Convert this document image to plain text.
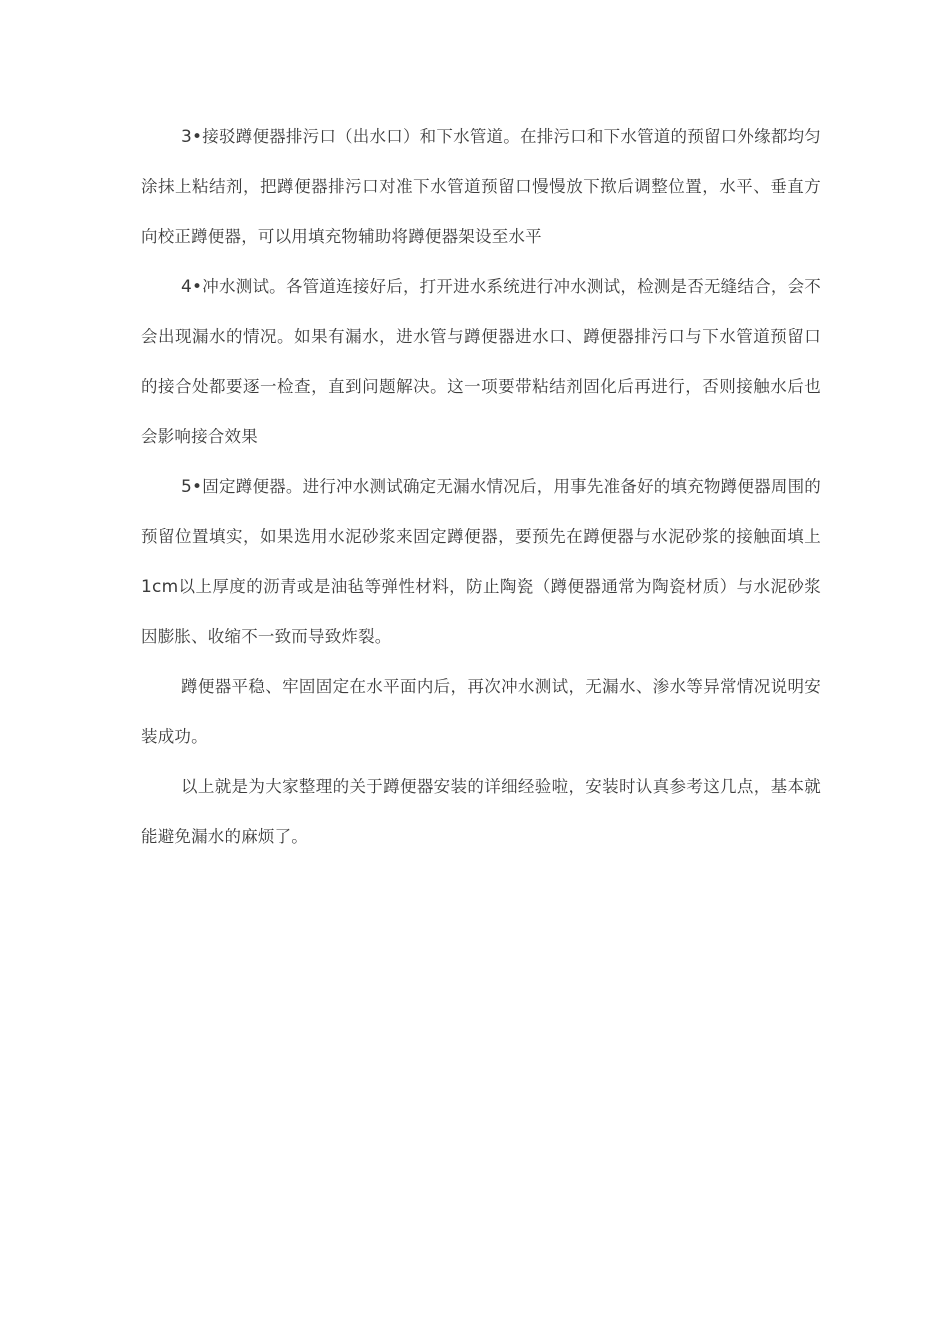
3•接驳蹲便器排污口（出水口）和下水管道。在排污口和下水管道的预留口外缘都均匀涂抹上粘结剂，把蹲便器排污口对准下水管道预留口慢慢放下揿后调整位置，水平、垂直方向校正蹲便器，可以用填充物辅助将蹲便器架设至水平

4•冲水测试。各管道连接好后，打开进水系统进行冲水测试，检测是否无缝结合，会不会出现漏水的情况。如果有漏水，进水管与蹲便器进水口、蹲便器排污口与下水管道预留口的接合处都要逐一检查，直到问题解决。这一项要带粘结剂固化后再进行，否则接触水后也会影响接合效果

5•固定蹲便器。进行冲水测试确定无漏水情况后，用事先准备好的填充物蹲便器周围的预留位置填实，如果选用水泥砂浆来固定蹲便器，要预先在蹲便器与水泥砂浆的接触面填上1cm以上厚度的沥青或是油毡等弹性材料，防止陶瓷（蹲便器通常为陶瓷材质）与水泥砂浆因膨胀、收缩不一致而导致炸裂。

蹲便器平稳、牢固固定在水平面内后，再次冲水测试，无漏水、渗水等异常情况说明安装成功。

以上就是为大家整理的关于蹲便器安装的详细经验啦，安装时认真参考这几点，基本就能避免漏水的麻烦了。
